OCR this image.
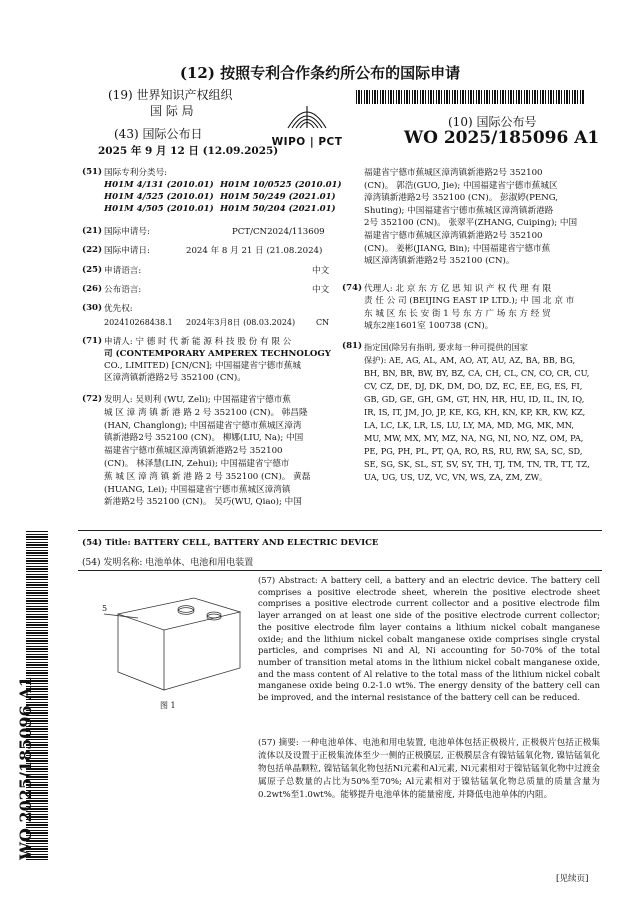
(12) 按照专利合作条约所公布的国际申请
(19) 世界知识产权组织
国 际 局
(43) 国际公布日
2025 年 9 月 12 日 (12.09.2025)
WIPO | PCT
(10) 国际公布号
WO 2025/185096 A1
(51) 国际专利分类号:
H01M 4/131 (2010.01) H01M 10/0525 (2010.01)
H01M 4/525 (2010.01) H01M 50/249 (2021.01)
H01M 4/505 (2010.01) H01M 50/204 (2021.01)
(21) 国际申请号:	PCT/CN2024/113609
(22) 国际申请日:	2024 年 8 月 21 日 (21.08.2024)
(25) 申请语言:	中文
(26) 公布语言:	中文
(30) 优先权:
202410268438.1 2024年3月8日 (08.03.2024)	CN
(71) 申请人: 宁 德 时 代 新 能 源 科 技 股 份 有 限 公
司 (CONTEMPORARY AMPEREX TECHNOLOGY
CO., LIMITED) [CN/CN]; 中国福建省宁德市蕉城
区漳湾镇新港路2号 352100 (CN)。
(72) 发明人: 吴则利 (WU, Zeli); 中国福建省宁德市蕉
城 区 漳 湾 镇 新 港 路 2 号 352100 (CN)。 韩昌隆
(HAN, Changlong); 中国福建省宁德市蕉城区漳湾
镇新港路2号 352100 (CN)。 柳娜(LIU, Na); 中国
福建省宁德市蕉城区漳湾镇新港路2号 352100
(CN)。 林泽慧(LIN, Zehui); 中国福建省宁德市
蕉 城 区 漳 湾 镇 新 港 路 2 号 352100 (CN)。 黄磊
(HUANG, Lei); 中国福建省宁德市蕉城区漳湾镇
新港路2号 352100 (CN)。 吴巧(WU, Qiao); 中国
福建省宁德市蕉城区漳湾镇新港路2号 352100
(CN)。 郭浩(GUO, Jie); 中国福建省宁德市蕉城区
漳湾镇新港路2号 352100 (CN)。 彭淑婷(PENG,
Shuting); 中国福建省宁德市蕉城区漳湾镇新港路
2号 352100 (CN)。 张翠平(ZHANG, Cuiping); 中国
福建省宁德市蕉城区漳湾镇新港路2号 352100
(CN)。 姜彬(JIANG, Bin); 中国福建省宁德市蕉
城区漳湾镇新港路2号 352100 (CN)。
(74) 代理人: 北 京 东 方 亿 思 知 识 产 权 代 理 有 限
责 任 公 司 (BEIJING EAST IP LTD.); 中 国 北 京 市
东 城 区 东 长 安 街 1 号 东 方 广 场 东 方 经 贸
城东2座1601室 100738 (CN)。
(81) 指定国(除另有指明, 要求每一种可提供的国家
保护): AE, AG, AL, AM, AO, AT, AU, AZ, BA, BB, BG,
BH, BN, BR, BW, BY, BZ, CA, CH, CL, CN, CO, CR, CU,
CV, CZ, DE, DJ, DK, DM, DO, DZ, EC, EE, EG, ES, FI,
GB, GD, GE, GH, GM, GT, HN, HR, HU, ID, IL, IN, IQ,
IR, IS, IT, JM, JO, JP, KE, KG, KH, KN, KP, KR, KW, KZ,
LA, LC, LK, LR, LS, LU, LY, MA, MD, MG, MK, MN,
MU, MW, MX, MY, MZ, NA, NG, NI, NO, NZ, OM, PA,
PE, PG, PH, PL, PT, QA, RO, RS, RU, RW, SA, SC, SD,
SE, SG, SK, SL, ST, SV, SY, TH, TJ, TM, TN, TR, TT, TZ,
UA, UG, US, UZ, VC, VN, WS, ZA, ZM, ZW。
(54) Title: BATTERY CELL, BATTERY AND ELECTRIC DEVICE
(54) 发明名称: 电池单体、电池和用电装置
5
图 1
(57) Abstract: A battery cell, a battery and an electric device. The battery cell comprises a positive electrode sheet, wherein the positive electrode sheet comprises a positive electrode current collector and a positive electrode film layer arranged on at least one side of the positive electrode current collector; the positive electrode film layer contains a lithium nickel cobalt manganese oxide; and the lithium nickel cobalt manganese oxide comprises single crystal particles, and comprises Ni and Al, Ni accounting for 50-70% of the total number of transition metal atoms in the lithium nickel cobalt manganese oxide, and the mass content of Al relative to the total mass of the lithium nickel cobalt manganese oxide being 0.2-1.0 wt%. The energy density of the battery cell can be improved, and the internal resistance of the battery cell can be reduced.
(57) 摘要: 一种电池单体、电池和用电装置, 电池单体包括正极极片, 正极极片包括正极集流体以及设置于正极集流体至少一侧的正极膜层, 正极膜层含有镍钴锰氧化物, 镍钴锰氧化物包括单晶颗粒, 镍钴锰氧化物包括Ni元素和Al元素, Ni元素相对于镍钴锰氧化物中过渡金属原子总数量的占比为50%至70%; Al元素相对于镍钴锰氧化物总质量的质量含量为0.2wt%至1.0wt%。能够提升电池单体的能量密度, 并降低电池单体的内阻。
WO 2025/185096 A1
[见续页]
